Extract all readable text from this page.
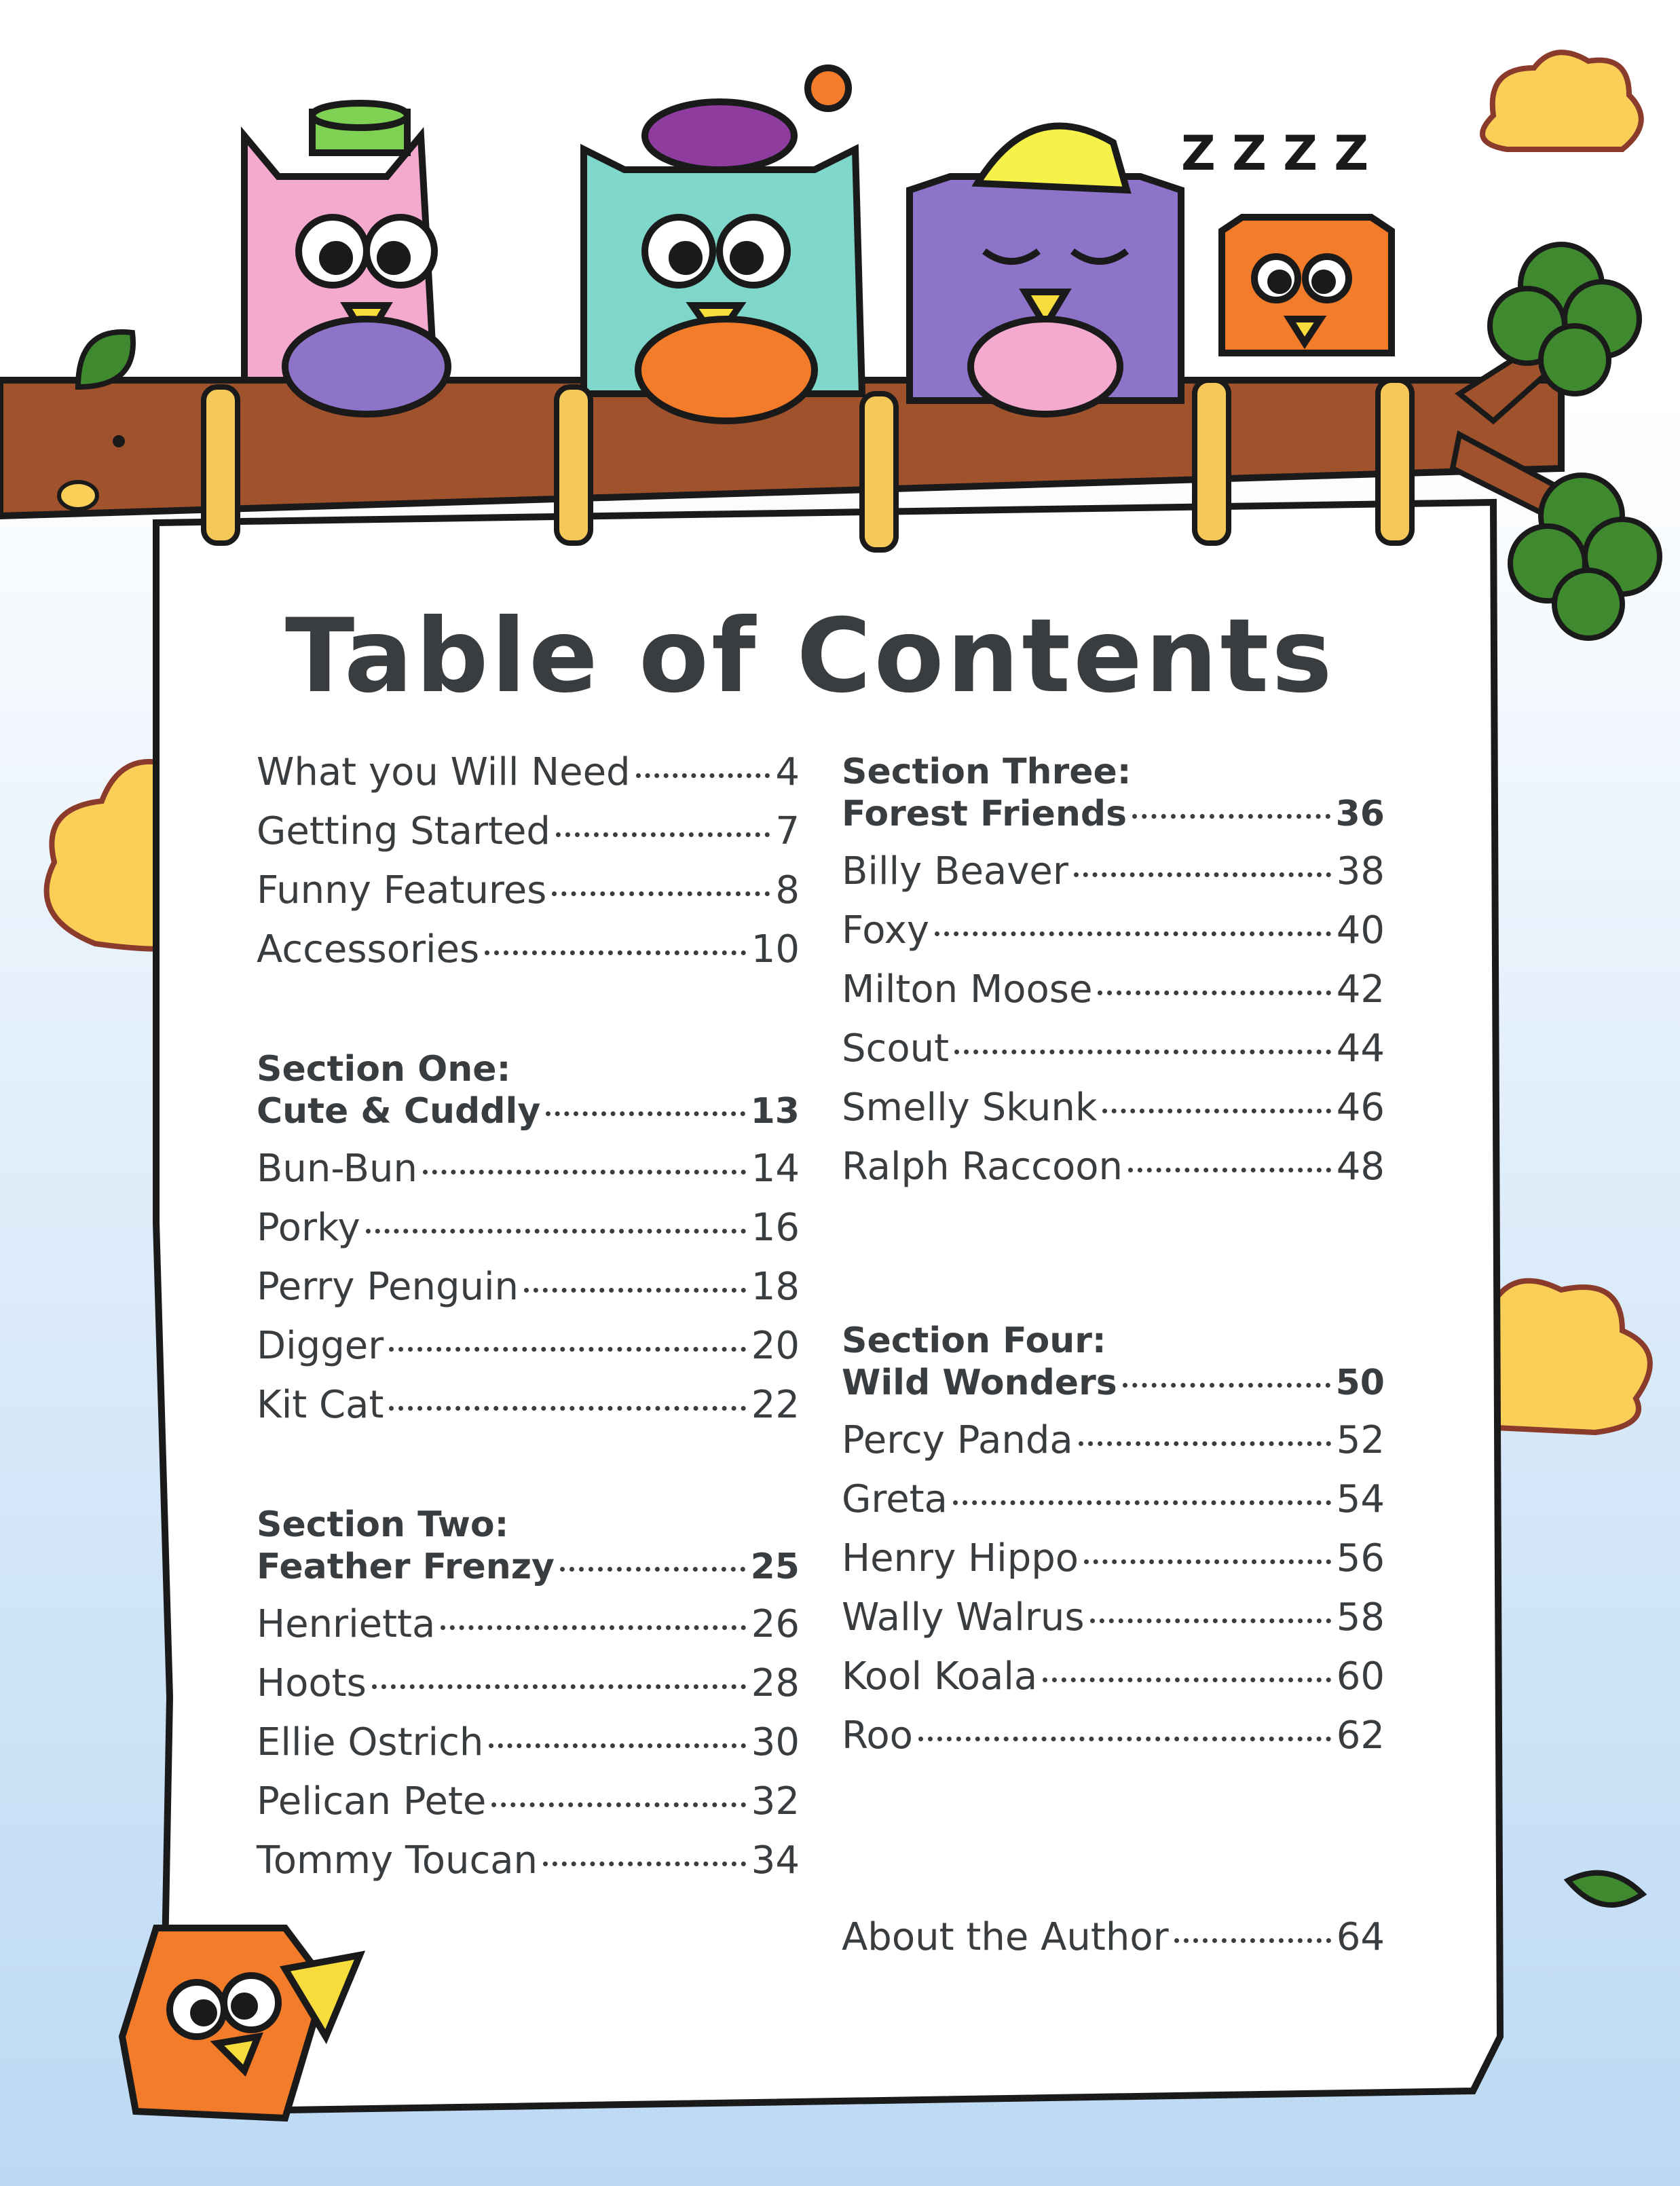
Z Z Z Z
Table of Contents
What you Will Need	4
Getting Started	7
Funny Features	8
Accessories	10
Section One:
Cute & Cuddly	13
Bun-Bun	14
Porky	16
Perry Penguin	18
Digger	20
Kit Cat	22
Section Two:
Feather Frenzy	25
Henrietta	26
Hoots	28
Ellie Ostrich	30
Pelican Pete	32
Tommy Toucan	34
Section Three:
Forest Friends	36
Billy Beaver	38
Foxy	40
Milton Moose	42
Scout	44
Smelly Skunk	46
Ralph Raccoon	48
Section Four:
Wild Wonders	50
Percy Panda	52
Greta	54
Henry Hippo	56
Wally Walrus	58
Kool Koala	60
Roo	62
About the Author	64
